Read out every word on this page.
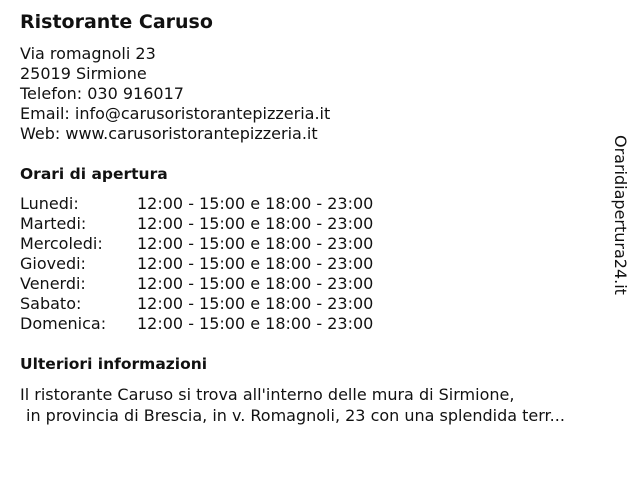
Ristorante Caruso
Via romagnoli 23
25019 Sirmione
Telefon: 030 916017
Email: info@carusoristorantepizzeria.it
Web: www.carusoristorantepizzeria.it
Orari di apertura
Lunedi:	12:00 - 15:00 e 18:00 - 23:00
Martedi:	12:00 - 15:00 e 18:00 - 23:00
Mercoledi:	12:00 - 15:00 e 18:00 - 23:00
Giovedi:	12:00 - 15:00 e 18:00 - 23:00
Venerdi:	12:00 - 15:00 e 18:00 - 23:00
Sabato:	12:00 - 15:00 e 18:00 - 23:00
Domenica:	12:00 - 15:00 e 18:00 - 23:00
Ulteriori informazioni
Il ristorante Caruso si trova all'interno delle mura di Sirmione,
in provincia di Brescia, in v. Romagnoli, 23 con una splendida terr...
Oraridiapertura24.it
